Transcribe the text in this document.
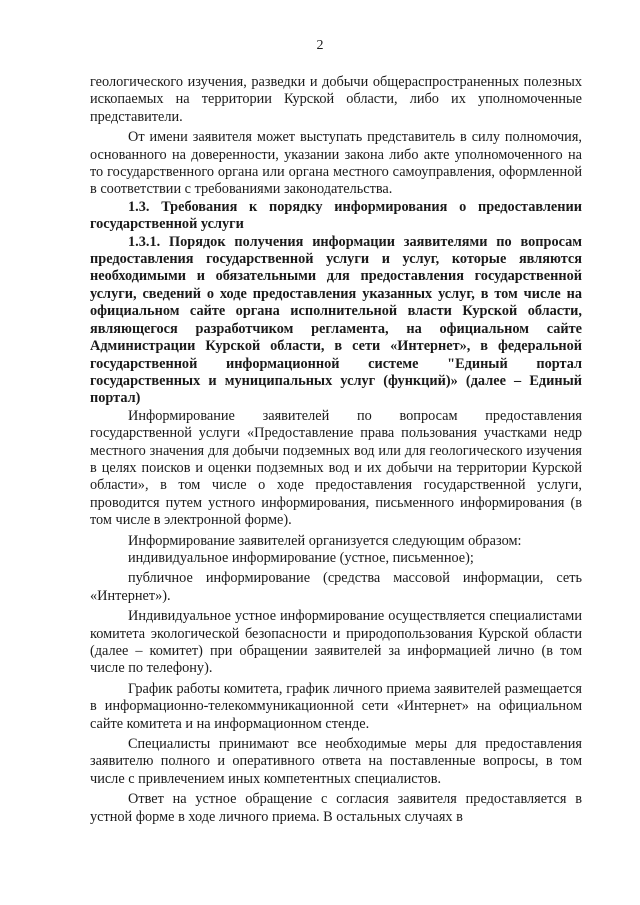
2

геологического изучения, разведки и добычи общераспространенных полезных ископаемых на территории Курской области, либо их уполномоченные представители.

От имени заявителя может выступать представитель в силу полномочия, основанного на доверенности, указании закона либо акте уполномоченного на то государственного органа или органа местного самоуправления, оформленной в соответствии с требованиями законодательства.

1.3. Требования к порядку информирования о предоставлении государственной услуги

1.3.1. Порядок получения информации заявителями по вопросам предоставления государственной услуги и услуг, которые являются необходимыми и обязательными для предоставления государственной услуги, сведений о ходе предоставления указанных услуг, в том числе на официальном сайте органа исполнительной власти Курской области, являющегося разработчиком регламента, на официальном сайте Администрации Курской области, в сети «Интернет», в федеральной государственной информационной системе "Единый портал государственных и муниципальных услуг (функций)» (далее – Единый портал)

Информирование заявителей по вопросам предоставления государственной услуги «Предоставление права пользования участками недр местного значения для добычи подземных вод или для геологического изучения в целях поисков и оценки подземных вод и их добычи на территории Курской области», в том числе о ходе предоставления государственной услуги, проводится путем устного информирования, письменного информирования (в том числе в электронной форме).

Информирование заявителей организуется следующим образом:

индивидуальное информирование (устное, письменное);

публичное информирование (средства массовой информации, сеть «Интернет»).

Индивидуальное устное информирование осуществляется специалистами комитета экологической безопасности и природопользования Курской области (далее – комитет) при обращении заявителей за информацией лично (в том числе по телефону).

График работы комитета, график личного приема заявителей размещается в информационно-телекоммуникационной сети «Интернет» на официальном сайте комитета и на информационном стенде.

Специалисты принимают все необходимые меры для предоставления заявителю полного и оперативного ответа на поставленные вопросы, в том числе с привлечением иных компетентных специалистов.

Ответ на устное обращение с согласия заявителя предоставляется в устной форме в ходе личного приема. В остальных случаях в
